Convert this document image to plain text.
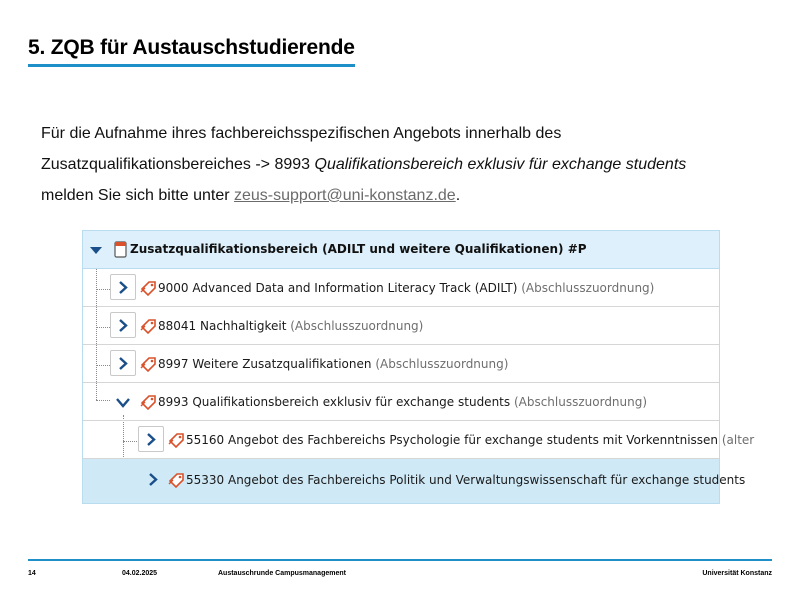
5. ZQB für Austauschstudierende
Für die Aufnahme ihres fachbereichsspezifischen Angebots innerhalb des Zusatzqualifikationsbereiches -> 8993 Qualifikationsbereich exklusiv für exchange students melden Sie sich bitte unter zeus-support@uni-konstanz.de.
Zusatzqualifikationsbereich (ADILT und weitere Qualifikationen) #P
9000 Advanced Data and Information Literacy Track (ADILT) (Abschlusszuordnung)
88041 Nachhaltigkeit (Abschlusszuordnung)
8997 Weitere Zusatzqualifikationen (Abschlusszuordnung)
8993 Qualifikationsbereich exklusiv für exchange students (Abschlusszuordnung)
55160 Angebot des Fachbereichs Psychologie für exchange students mit Vorkenntnissen (alter
55330 Angebot des Fachbereichs Politik und Verwaltungswissenschaft für exchange students
14	04.02.2025	Austauschrunde Campusmanagement	Universität Konstanz
